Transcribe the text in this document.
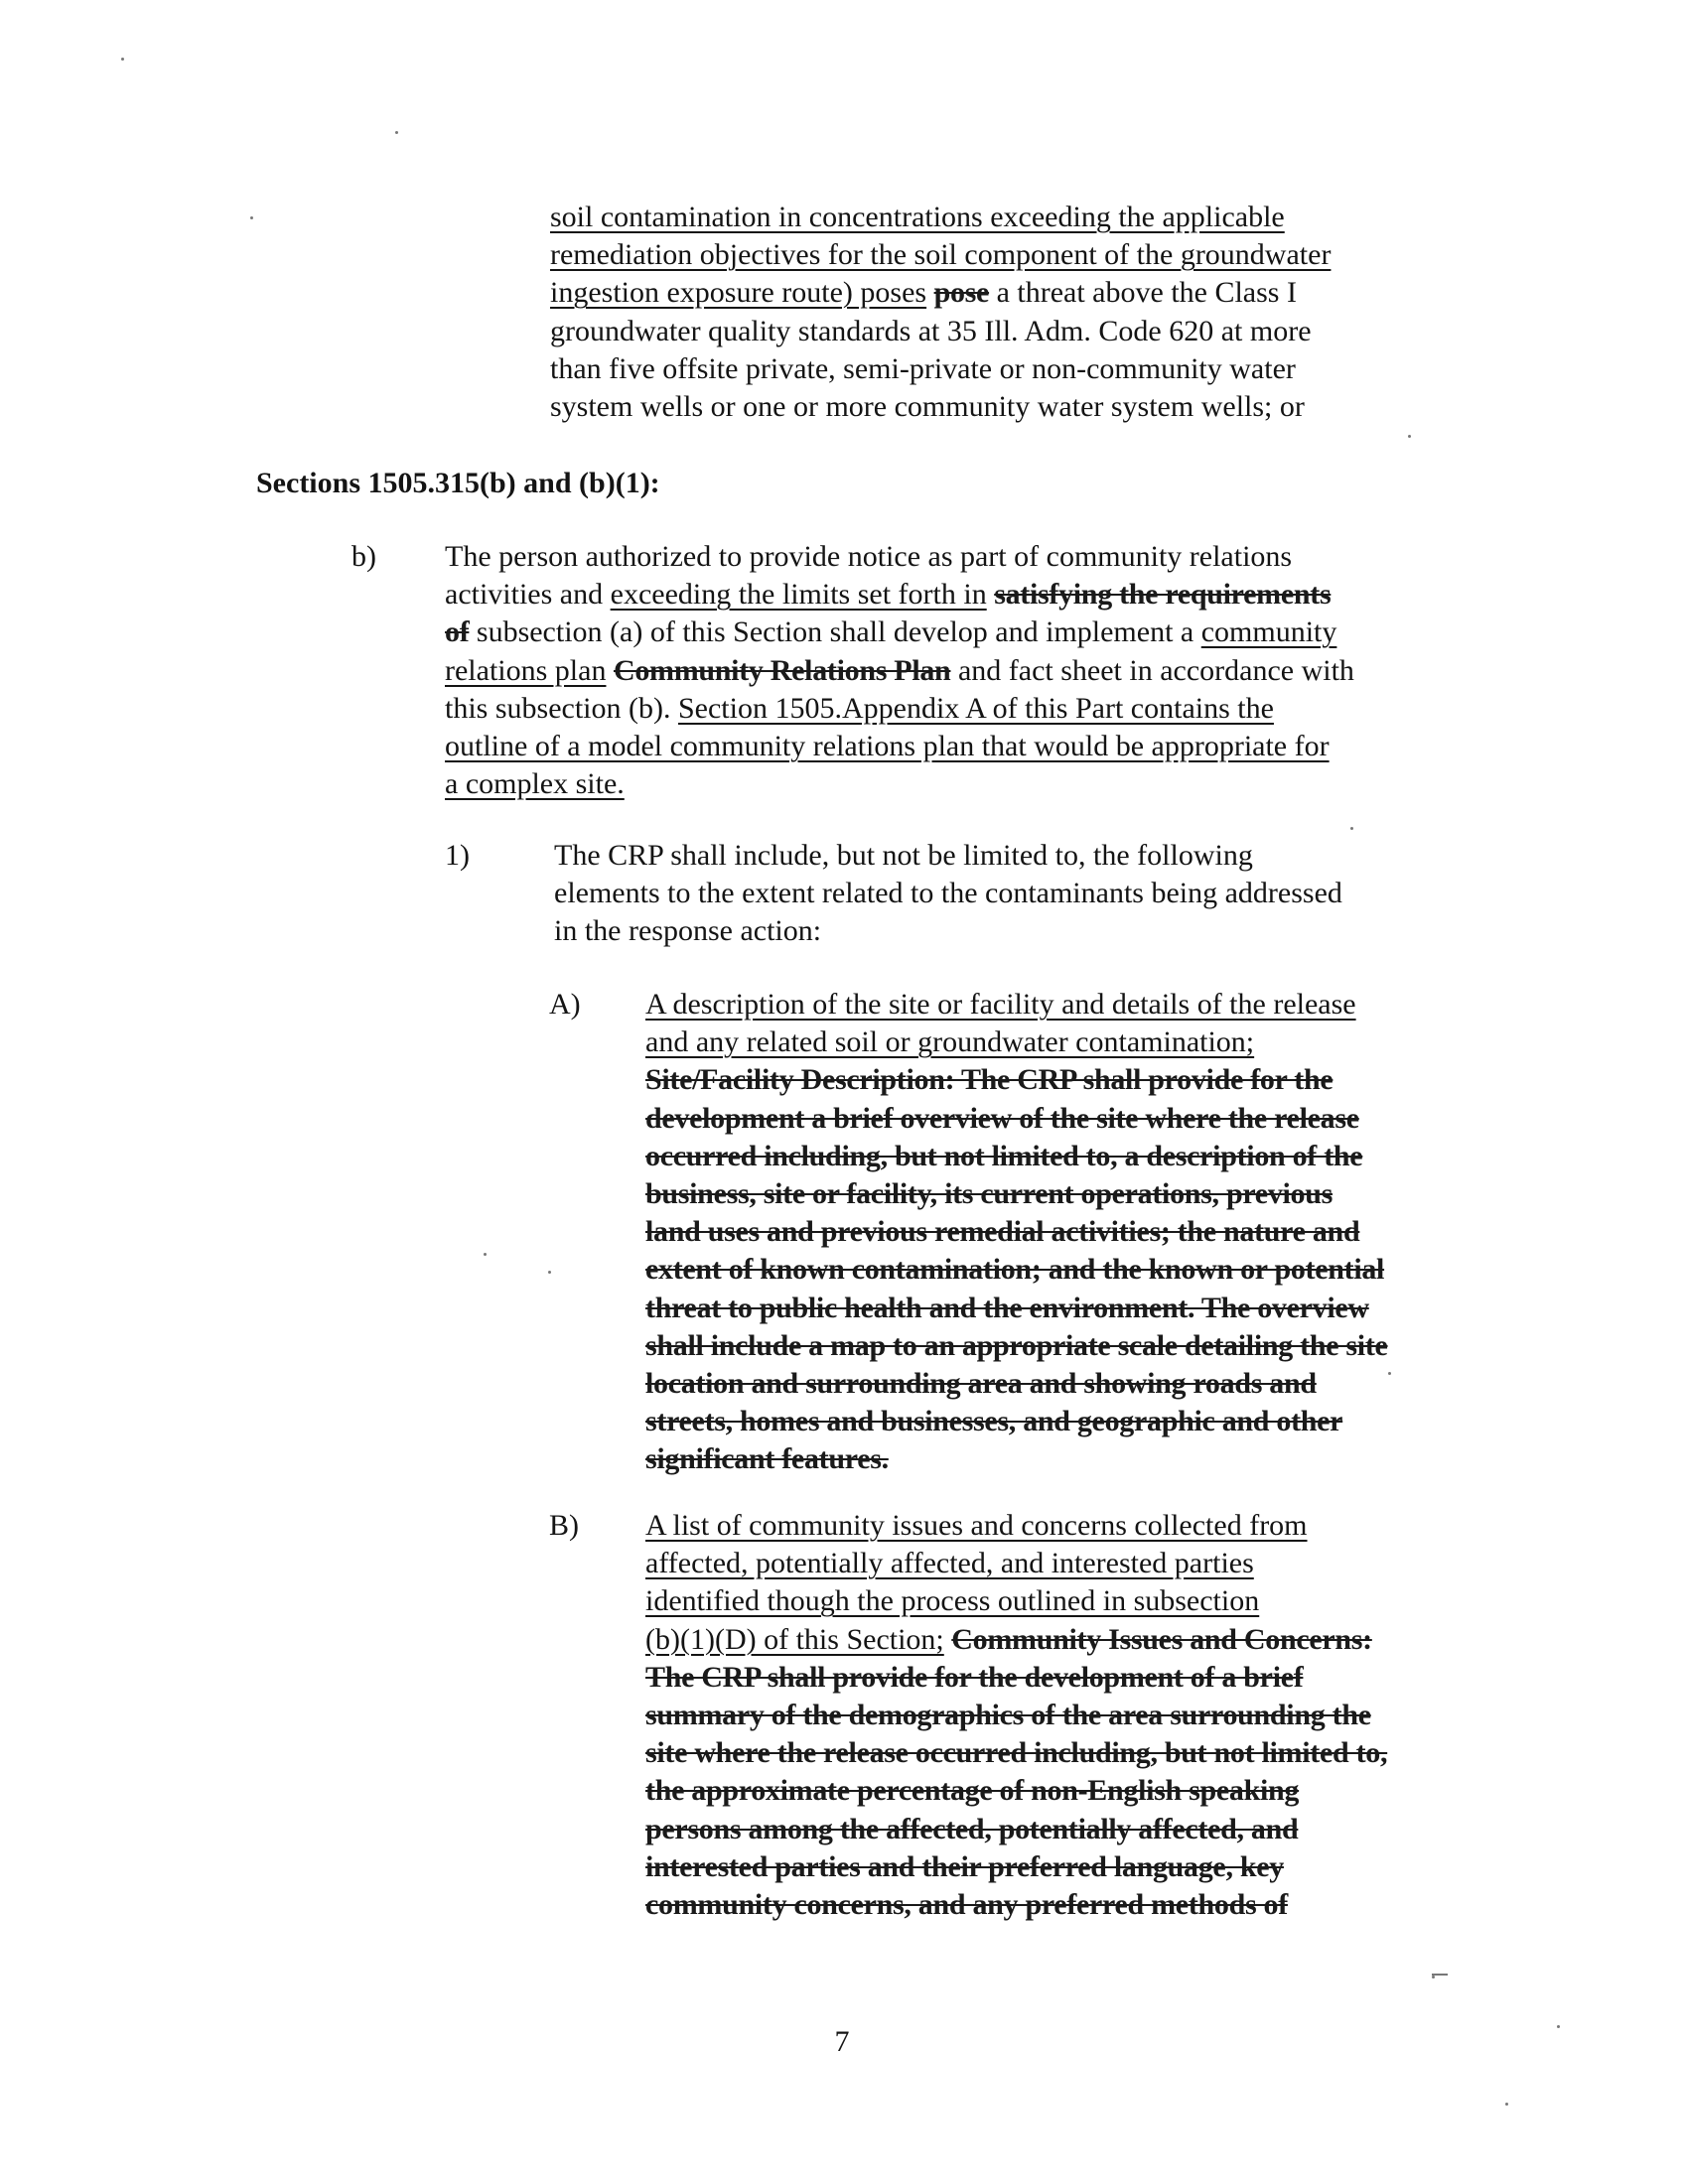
soil contamination in concentrations exceeding the applicable
remediation objectives for the soil component of the groundwater
ingestion exposure route) poses pose a threat above the Class I
groundwater quality standards at 35 Ill. Adm. Code 620 at more
than five offsite private, semi-private or non-community water
system wells or one or more community water system wells; or
Sections 1505.315(b) and (b)(1):
b) The person authorized to provide notice as part of community relations
activities and exceeding the limits set forth in satisfying the requirements
of subsection (a) of this Section shall develop and implement a community
relations plan Community Relations Plan and fact sheet in accordance with
this subsection (b). Section 1505.Appendix A of this Part contains the
outline of a model community relations plan that would be appropriate for
a complex site.
1)	The CRP shall include, but not be limited to, the following
elements to the extent related to the contaminants being addressed
in the response action:
A) A description of the site or facility and details of the release
and any related soil or groundwater contamination;
Site/Facility Description: The CRP shall provide for the
development a brief overview of the site where the release
occurred including, but not limited to, a description of the
business, site or facility, its current operations, previous
land uses and previous remedial activities; the nature and
extent of known contamination; and the known or potential
threat to public health and the environment. The overview
shall include a map to an appropriate scale detailing the site
location and surrounding area and showing roads and
streets, homes and businesses, and geographic and other
significant features.
B) A list of community issues and concerns collected from
affected, potentially affected, and interested parties
identified though the process outlined in subsection
(b)(1)(D) of this Section; Community Issues and Concerns:
The CRP shall provide for the development of a brief
summary of the demographics of the area surrounding the
site where the release occurred including, but not limited to,
the approximate percentage of non-English speaking
persons among the affected, potentially affected, and
interested parties and their preferred language, key
community concerns, and any preferred methods of
7
